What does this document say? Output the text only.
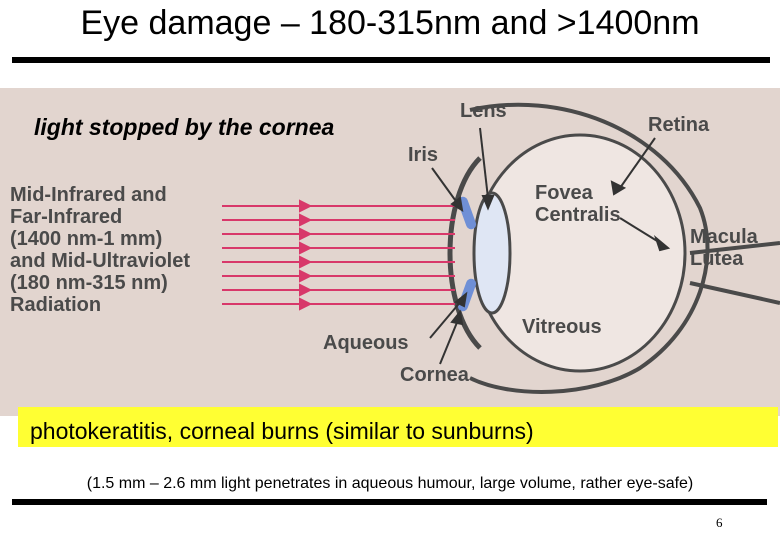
Eye damage – 180-315nm and >1400nm
Lens
Retina
Iris
Fovea
Centralis
Macula
Lutea
Vitreous
Aqueous
Cornea
light stopped by the cornea
Mid-Infrared and
Far-Infrared
(1400 nm-1 mm)
and Mid-Ultraviolet
(180 nm-315 nm)
Radiation
photokeratitis, corneal burns (similar to sunburns)
(1.5 mm – 2.6 mm light penetrates in aqueous humour, large volume, rather eye-safe)
6
